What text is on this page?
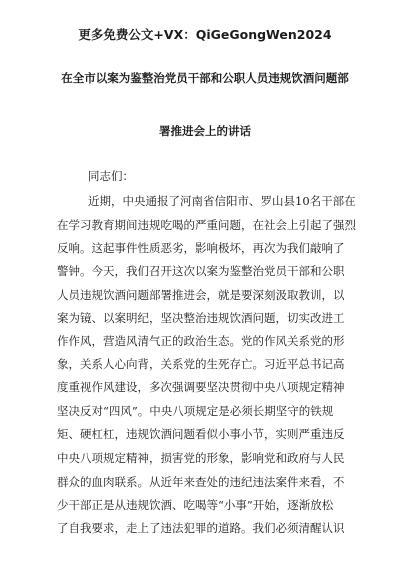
更多免费公文+VX：QiGeGongWen2024
在全市以案为鉴整治党员干部和公职人员违规饮酒问题部
署推进会上的讲话
同志们：
近期，中央通报了河南省信阳市、罗山县10名干部在
在学习教育期间违规吃喝的严重问题，在社会上引起了强烈
反响。这起事件性质恶劣，影响极坏，再次为我们敲响了
警钟。今天，我们召开这次以案为鉴整治党员干部和公职
人员违规饮酒问题部署推进会，就是要深刻汲取教训，以
案为镜、以案明纪，坚决整治违规饮酒问题，切实改进工
作作风，营造风清气正的政治生态。党的作风关系党的形
象，关系人心向背，关系党的生死存亡。习近平总书记高
度重视作风建设，多次强调要坚决贯彻中央八项规定精神
坚决反对“四风”。中央八项规定是必须长期坚守的铁规
矩、硬杠杠，违规饮酒问题看似小事小节，实则严重违反
中央八项规定精神，损害党的形象，影响党和政府与人民
群众的血肉联系。从近年来查处的违纪违法案件来看，不
少干部正是从违规饮酒、吃喝等“小事”开始，逐渐放松
了自我要求，走上了违法犯罪的道路。我们必须清醒认识
